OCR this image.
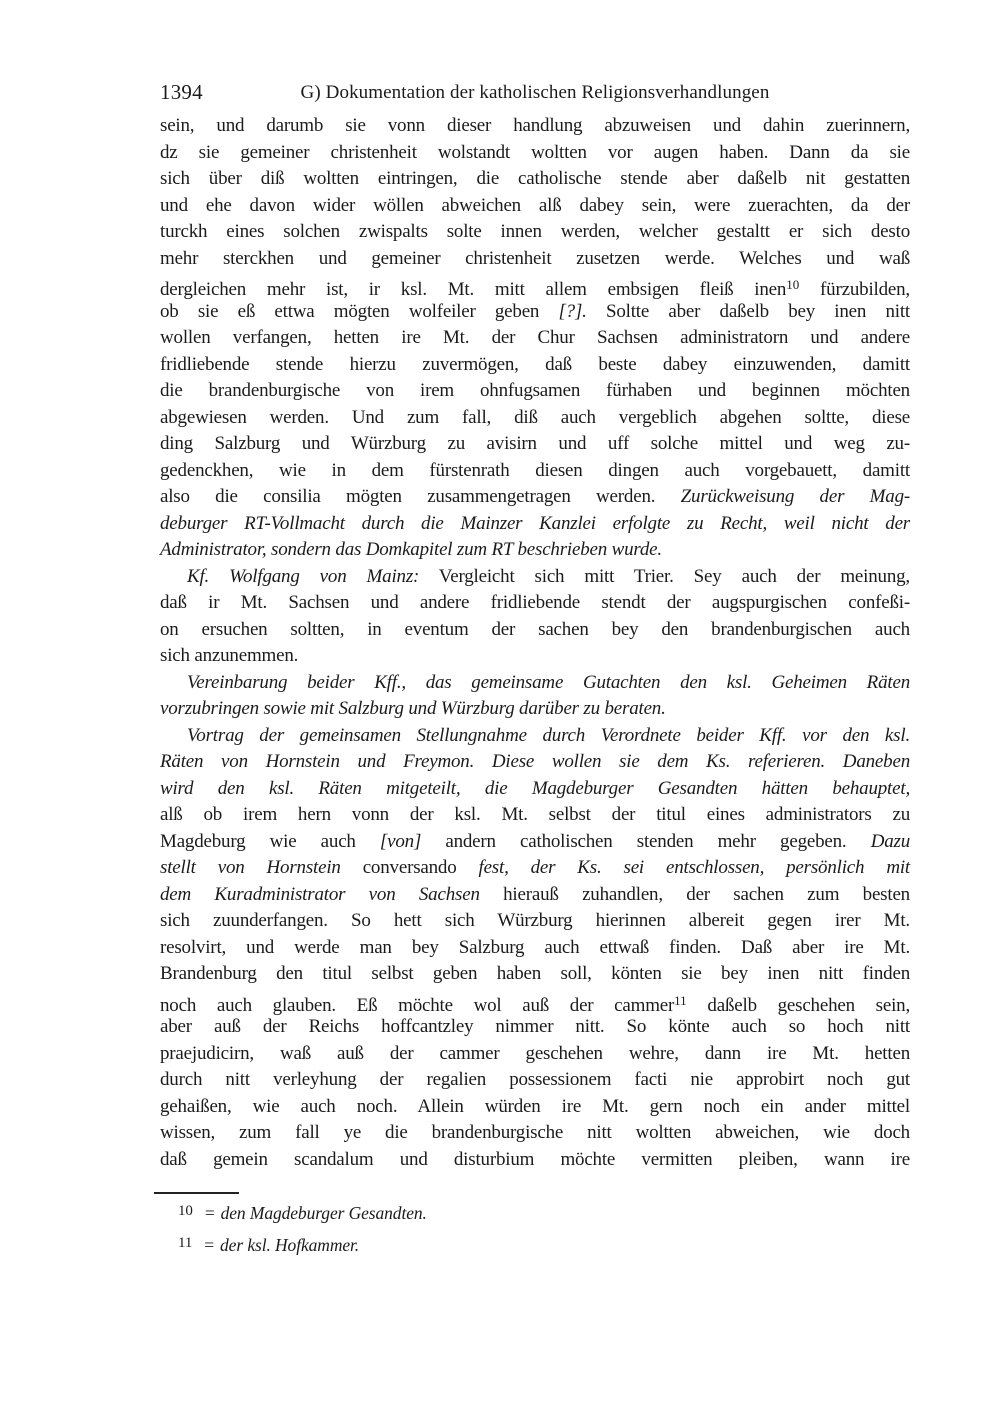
1394	G) Dokumentation der katholischen Religionsverhandlungen
sein, und darumb sie vonn dieser handlung abzuweisen und dahin zuerinnern,
dz sie gemeiner christenheit wolstandt woltten vor augen haben. Dann da sie
sich über diß woltten eintringen, die catholische stende aber daßelb nit gestatten
und ehe davon wider wöllen abweichen alß dabey sein, were zuerachten, da der
turckh eines solchen zwispalts solte innen werden, welcher gestaltt er sich desto
mehr sterckhen und gemeiner christenheit zusetzen werde. Welches und waß
dergleichen mehr ist, ir ksl. Mt. mitt allem embsigen fleiß inen$^{10}$ fürzubilden,
ob sie eß ettwa mögten wolfeiler geben [?]. Soltte aber daßelb bey inen nitt
wollen verfangen, hetten ire Mt. der Chur Sachsen administratorn und andere
fridliebende stende hierzu zuvermögen, daß beste dabey einzuwenden, damitt
die brandenburgische von irem ohnfugsamen fürhaben und beginnen möchten
abgewiesen werden. Und zum fall, diß auch vergeblich abgehen soltte, diese
ding Salzburg und Würzburg zu avisirn und uff solche mittel und weg zu-
gedenckhen, wie in dem fürstenrath diesen dingen auch vorgebauett, damitt
also die consilia mögten zusammengetragen werden. Zurückweisung der Mag-
deburger RT-Vollmacht durch die Mainzer Kanzlei erfolgte zu Recht, weil nicht der
Administrator, sondern das Domkapitel zum RT beschrieben wurde.
Kf. Wolfgang von Mainz: Vergleicht sich mitt Trier. Sey auch der meinung,
daß ir Mt. Sachsen und andere fridliebende stendt der augspurgischen confeßi-
on ersuchen soltten, in eventum der sachen bey den brandenburgischen auch
sich anzunemmen.
Vereinbarung beider Kff., das gemeinsame Gutachten den ksl. Geheimen Räten
vorzubringen sowie mit Salzburg und Würzburg darüber zu beraten.
Vortrag der gemeinsamen Stellungnahme durch Verordnete beider Kff. vor den ksl.
Räten von Hornstein und Freymon. Diese wollen sie dem Ks. referieren. Daneben
wird den ksl. Räten mitgeteilt, die Magdeburger Gesandten hätten behauptet,
alß ob irem hern vonn der ksl. Mt. selbst der titul eines administrators zu
Magdeburg wie auch [von] andern catholischen stenden mehr gegeben. Dazu
stellt von Hornstein conversando fest, der Ks. sei entschlossen, persönlich mit
dem Kuradministrator von Sachsen hierauß zuhandlen, der sachen zum besten
sich zuunderfangen. So hett sich Würzburg hierinnen albereit gegen irer Mt.
resolvirt, und werde man bey Salzburg auch ettwaß finden. Daß aber ire Mt.
Brandenburg den titul selbst geben haben soll, könten sie bey inen nitt finden
noch auch glauben. Eß möchte wol auß der cammer$^{11}$ daßelb geschehen sein,
aber auß der Reichs hoffcantzley nimmer nitt. So könte auch so hoch nitt
praejudicirn, waß auß der cammer geschehen wehre, dann ire Mt. hetten
durch nitt verleyhung der regalien possessionem facti nie approbirt noch gut
gehaißen, wie auch noch. Allein würden ire Mt. gern noch ein ander mittel
wissen, zum fall ye die brandenburgische nitt woltten abweichen, wie doch
daß gemein scandalum und disturbium möchte vermitten pleiben, wann ire
10 = den Magdeburger Gesandten.
11 = der ksl. Hofkammer.
